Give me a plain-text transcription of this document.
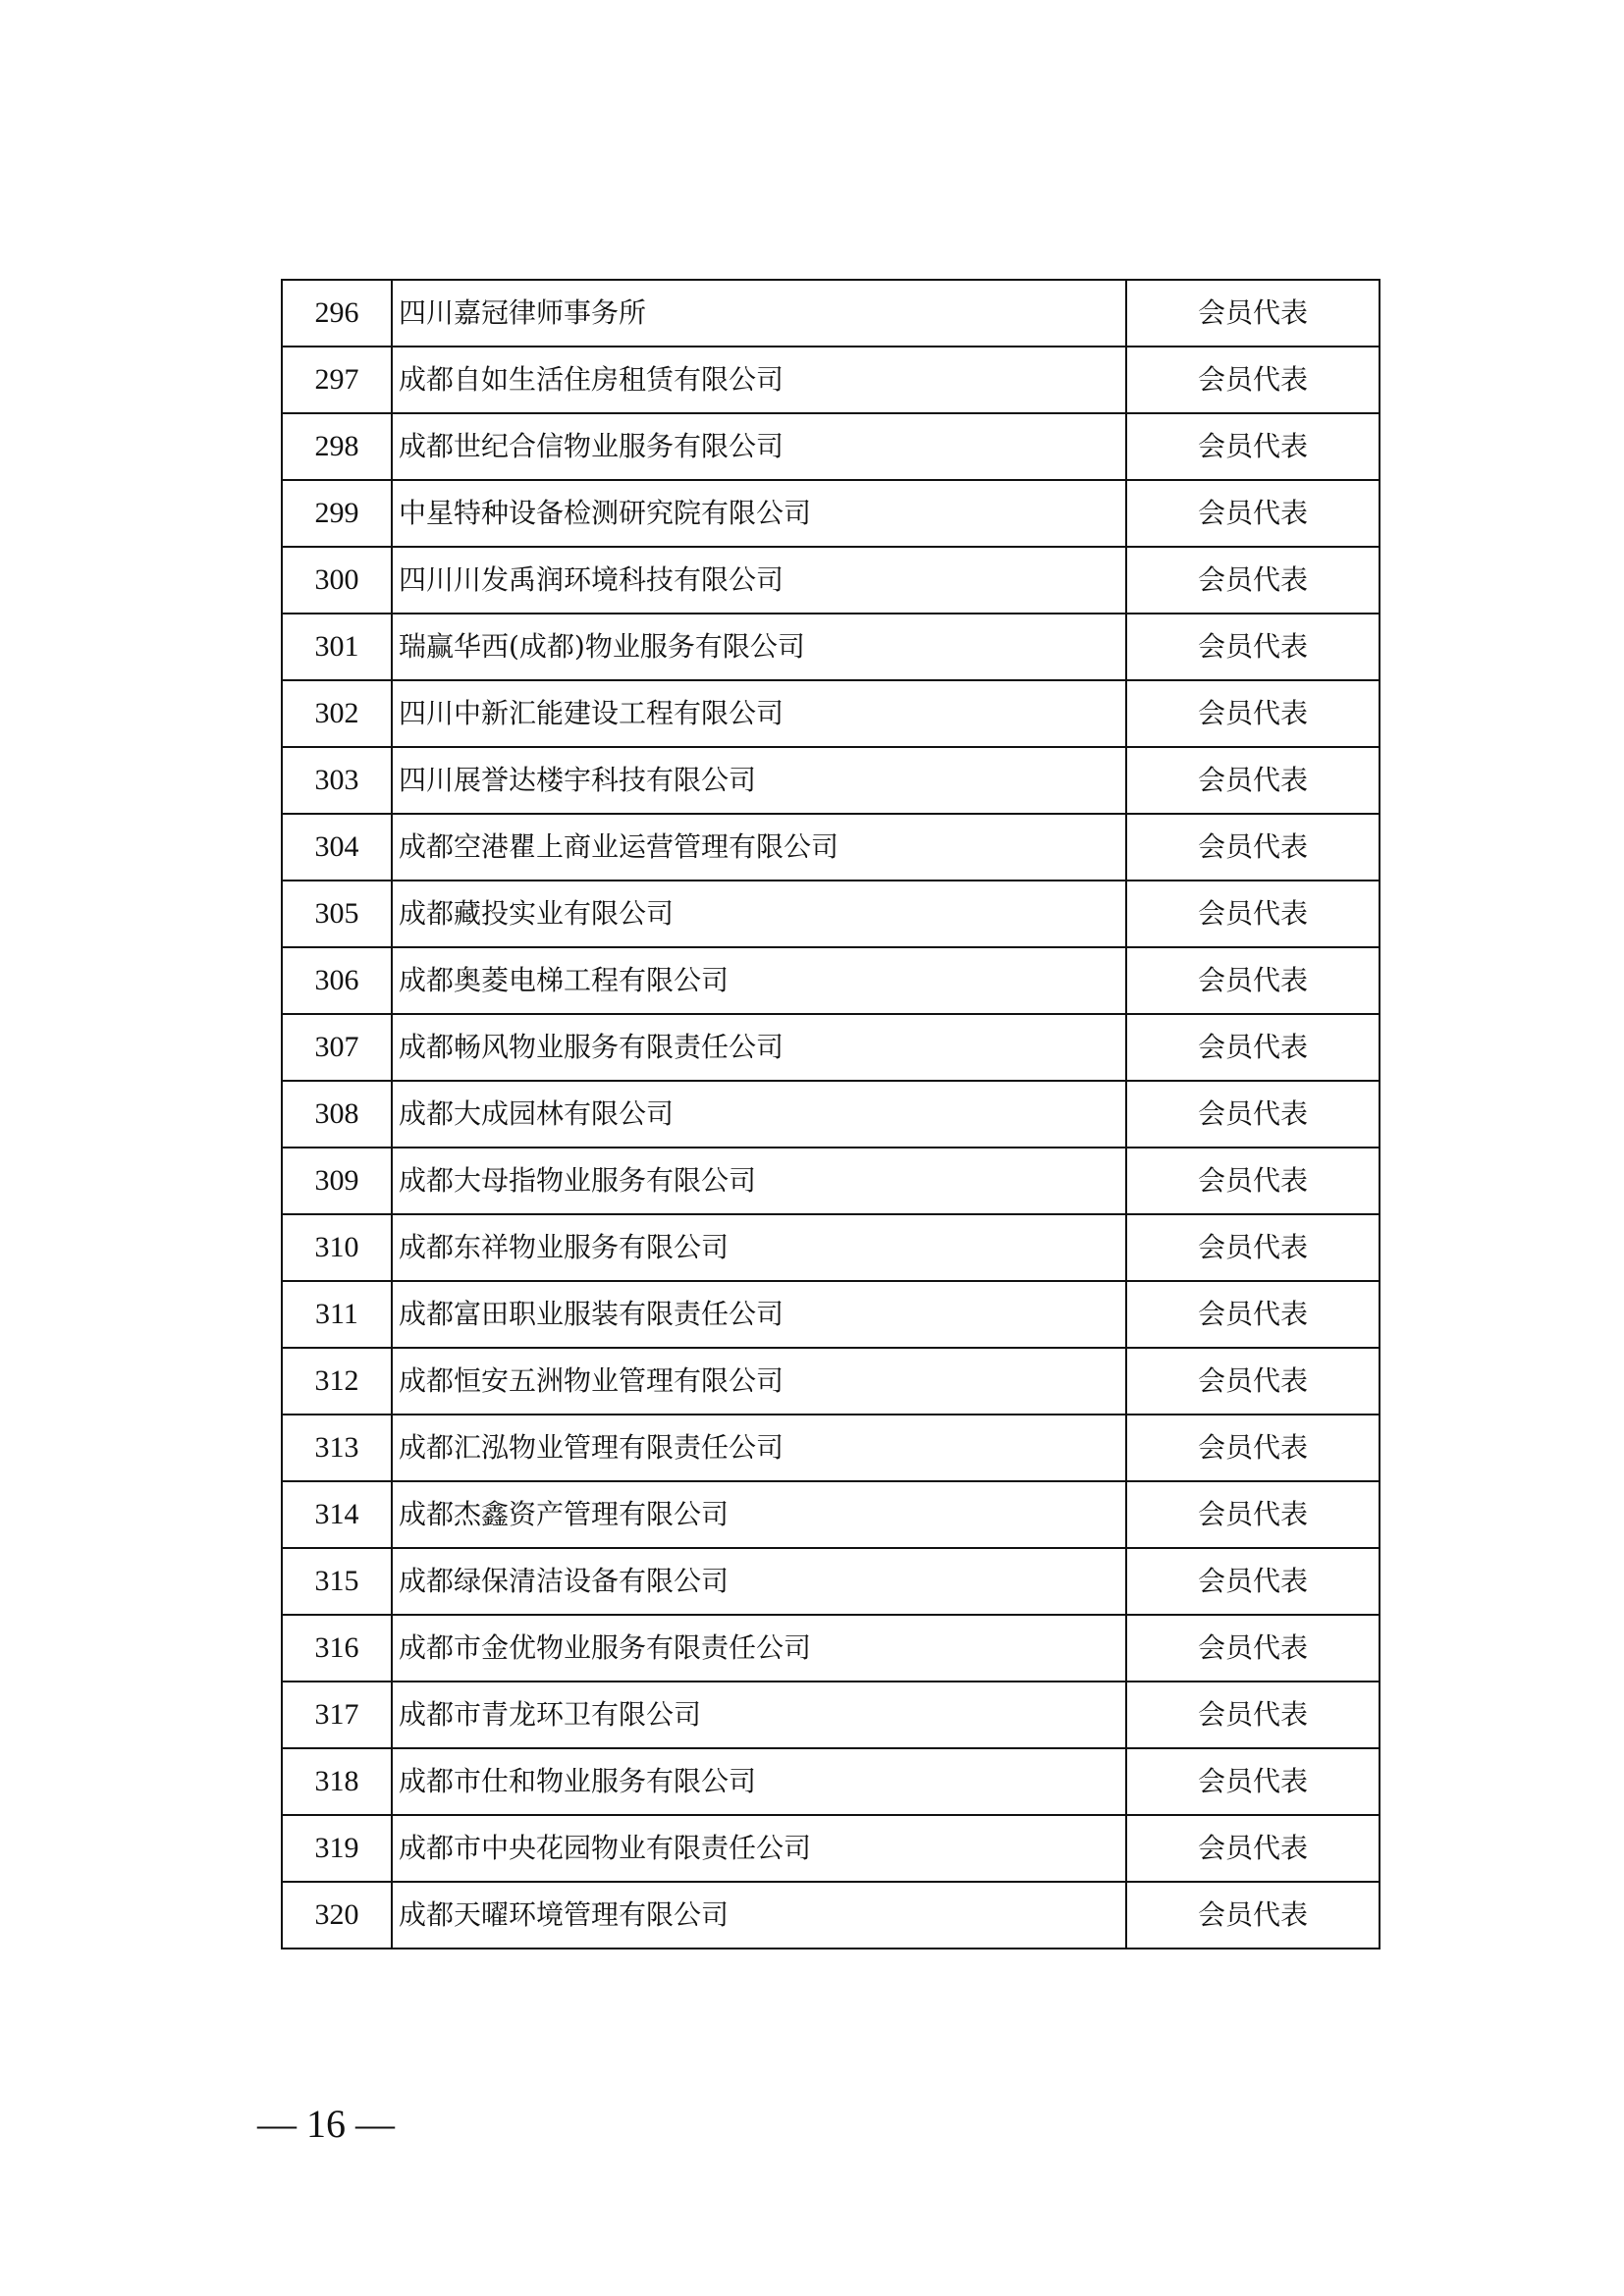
296	四川嘉冠律师事务所	会员代表
297	成都自如生活住房租赁有限公司	会员代表
298	成都世纪合信物业服务有限公司	会员代表
299	中星特种设备检测研究院有限公司	会员代表
300	四川川发禹润环境科技有限公司	会员代表
301	瑞赢华西(成都)物业服务有限公司	会员代表
302	四川中新汇能建设工程有限公司	会员代表
303	四川展誉达楼宇科技有限公司	会员代表
304	成都空港瞿上商业运营管理有限公司	会员代表
305	成都藏投实业有限公司	会员代表
306	成都奥菱电梯工程有限公司	会员代表
307	成都畅风物业服务有限责任公司	会员代表
308	成都大成园林有限公司	会员代表
309	成都大母指物业服务有限公司	会员代表
310	成都东祥物业服务有限公司	会员代表
311	成都富田职业服装有限责任公司	会员代表
312	成都恒安五洲物业管理有限公司	会员代表
313	成都汇泓物业管理有限责任公司	会员代表
314	成都杰鑫资产管理有限公司	会员代表
315	成都绿保清洁设备有限公司	会员代表
316	成都市金优物业服务有限责任公司	会员代表
317	成都市青龙环卫有限公司	会员代表
318	成都市仕和物业服务有限公司	会员代表
319	成都市中央花园物业有限责任公司	会员代表
320	成都天曜环境管理有限公司	会员代表
— 16 —
